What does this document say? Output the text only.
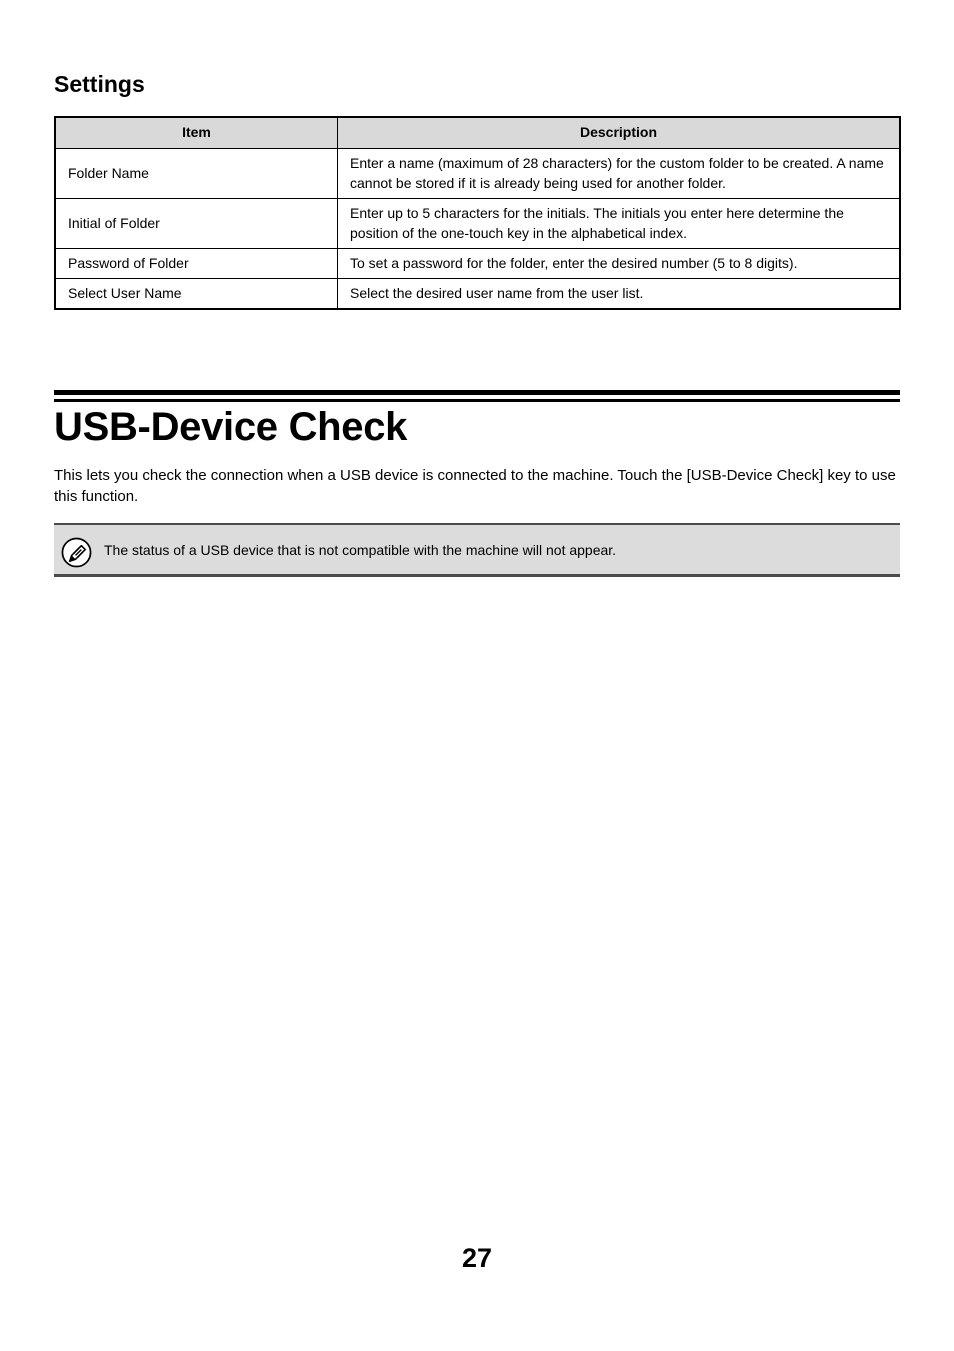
Settings
Item	Description
Folder Name	Enter a name (maximum of 28 characters) for the custom folder to be created. A name cannot be stored if it is already being used for another folder.
Initial of Folder	Enter up to 5 characters for the initials. The initials you enter here determine the position of the one-touch key in the alphabetical index.
Password of Folder	To set a password for the folder, enter the desired number (5 to 8 digits).
Select User Name	Select the desired user name from the user list.
USB-Device Check

This lets you check the connection when a USB device is connected to the machine. Touch the [USB-Device Check] key to use this function.

The status of a USB device that is not compatible with the machine will not appear.

27
